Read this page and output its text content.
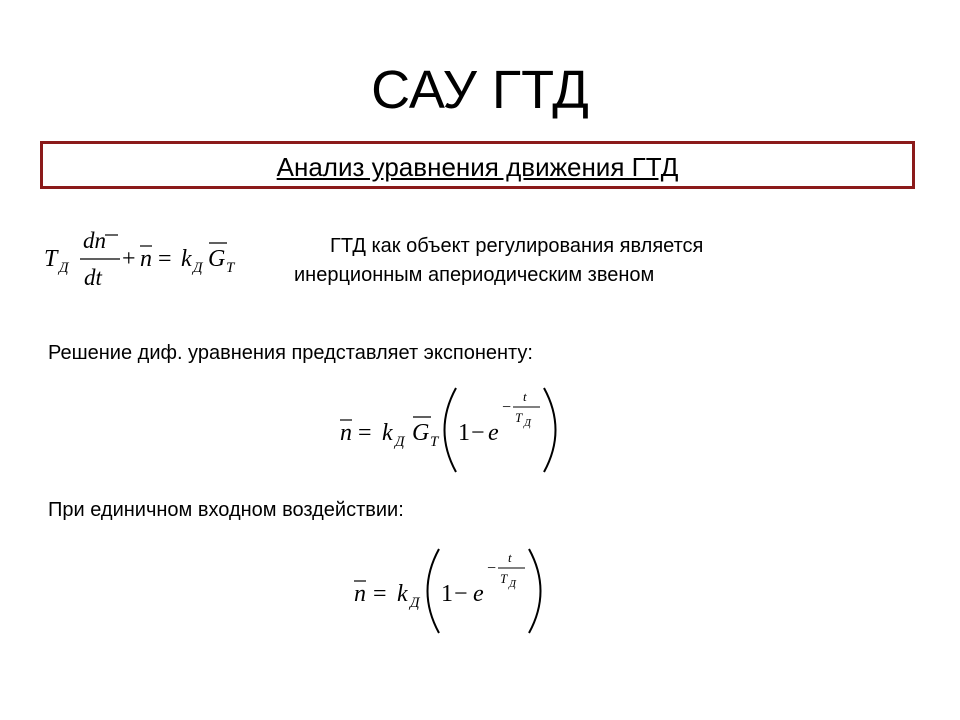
САУ ГТД
Анализ уравнения движения ГТД
T Д
dn
dt
+ n = k Д G Т
ГТД как объект регулирования является
инерционным апериодическим звеном
Решение диф. уравнения представляет экспоненту:
n = k Д G Т 1 − e
−
t
T Д
При единичном входном воздействии:
n = k Д 1 − e
−
t
T Д
